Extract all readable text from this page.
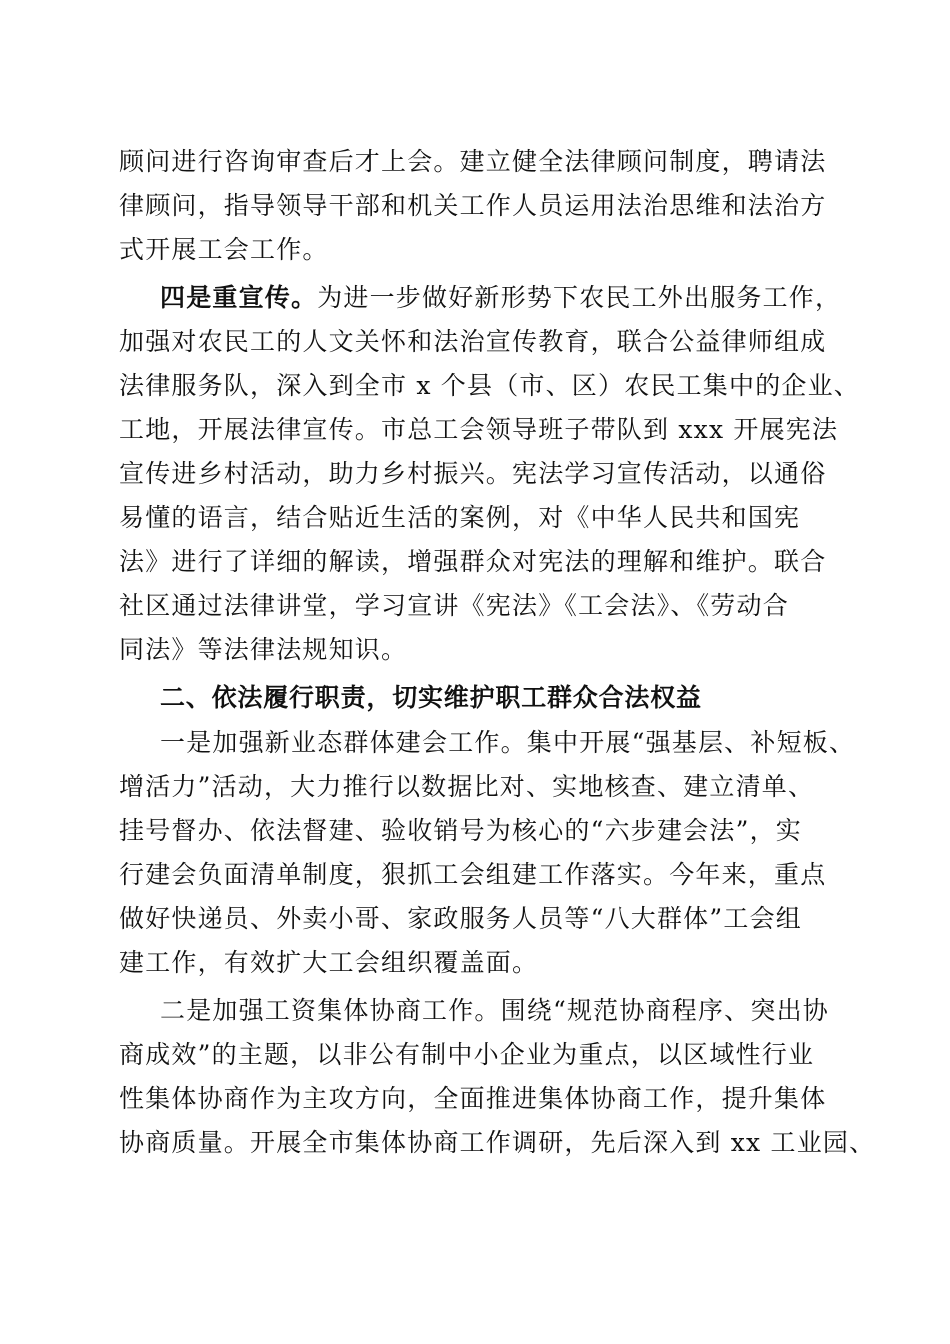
顾问进行咨询审查后才上会。建立健全法律顾问制度，聘请法
律顾问，指导领导干部和机关工作人员运用法治思维和法治方
式开展工会工作。
四是重宣传。为进一步做好新形势下农民工外出服务工作，
加强对农民工的人文关怀和法治宣传教育，联合公益律师组成
法律服务队，深入到全市 x 个县（市、区）农民工集中的企业、
工地，开展法律宣传。市总工会领导班子带队到 xxx 开展宪法
宣传进乡村活动，助力乡村振兴。宪法学习宣传活动，以通俗
易懂的语言，结合贴近生活的案例，对《中华人民共和国宪
法》进行了详细的解读，增强群众对宪法的理解和维护。联合
社区通过法律讲堂，学习宣讲《宪法》《工会法》、《劳动合
同法》等法律法规知识。
二、依法履行职责，切实维护职工群众合法权益
一是加强新业态群体建会工作。集中开展“强基层、补短板、
增活力”活动，大力推行以数据比对、实地核查、建立清单、
挂号督办、依法督建、验收销号为核心的“六步建会法”，实
行建会负面清单制度，狠抓工会组建工作落实。今年来，重点
做好快递员、外卖小哥、家政服务人员等“八大群体”工会组
建工作，有效扩大工会组织覆盖面。
二是加强工资集体协商工作。围绕“规范协商程序、突出协
商成效”的主题，以非公有制中小企业为重点，以区域性行业
性集体协商作为主攻方向，全面推进集体协商工作，提升集体
协商质量。开展全市集体协商工作调研，先后深入到 xx 工业园、
